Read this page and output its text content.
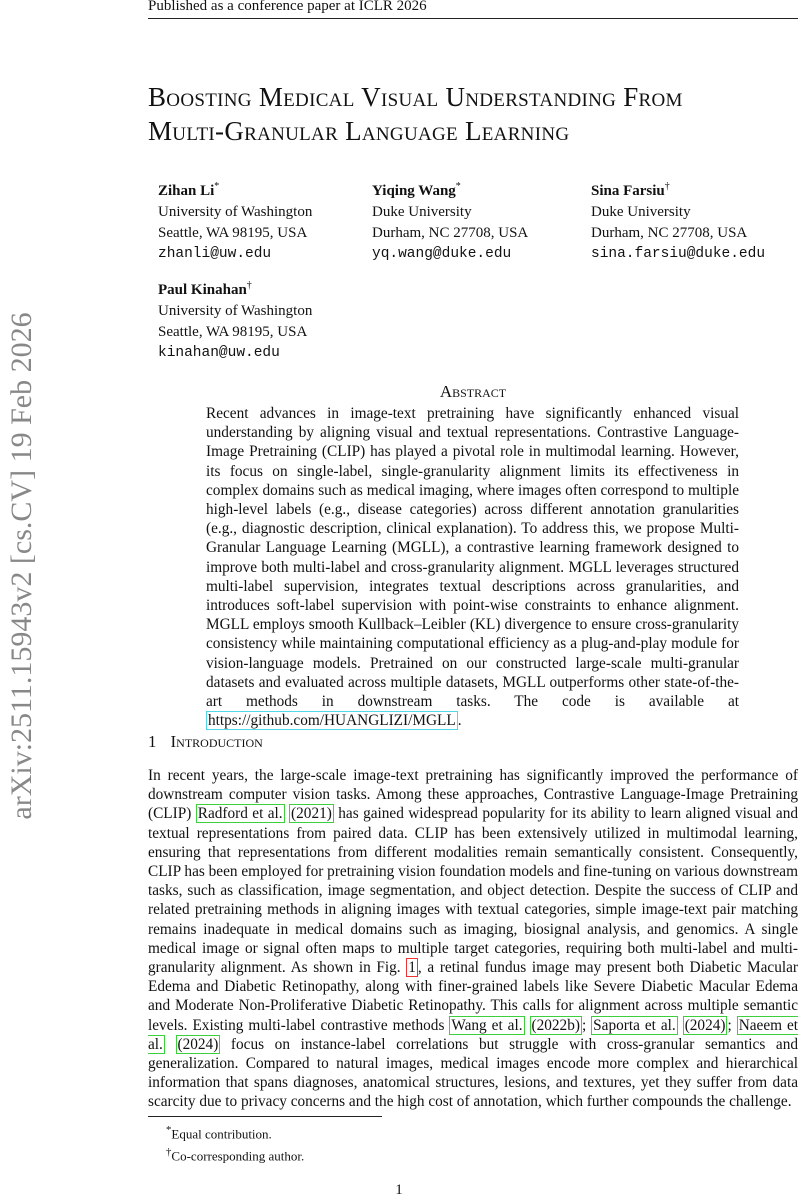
Published as a conference paper at ICLR 2026
Boosting Medical Visual Understanding From
Multi-Granular Language Learning
Zihan Li*
University of Washington
Seattle, WA 98195, USA
zhanli@uw.edu
Yiqing Wang*
Duke University
Durham, NC 27708, USA
yq.wang@duke.edu
Sina Farsiu†
Duke University
Durham, NC 27708, USA
sina.farsiu@duke.edu
Paul Kinahan†
University of Washington
Seattle, WA 98195, USA
kinahan@uw.edu
arXiv:2511.15943v2 [cs.CV] 19 Feb 2026	Abstract
Recent advances in image-text pretraining have significantly enhanced visual understanding by aligning visual and textual representations. Contrastive Language-Image Pretraining (CLIP) has played a pivotal role in multimodal learning. However, its focus on single-label, single-granularity alignment limits its effectiveness in complex domains such as medical imaging, where images often correspond to multiple high-level labels (e.g., disease categories) across different annotation granularities (e.g., diagnostic description, clinical explanation). To address this, we propose Multi-Granular Language Learning (MGLL), a contrastive learning framework designed to improve both multi-label and cross-granularity alignment. MGLL leverages structured multi-label supervision, integrates textual descriptions across granularities, and introduces soft-label supervision with point-wise constraints to enhance alignment. MGLL employs smooth Kullback–Leibler (KL) divergence to ensure cross-granularity consistency while maintaining computational efficiency as a plug-and-play module for vision-language models. Pretrained on our constructed large-scale multi-granular datasets and evaluated across multiple datasets, MGLL outperforms other state-of-the-art methods in downstream tasks. The code is available at https://github.com/HUANGLIZI/MGLL .
1 Introduction
In recent years, the large-scale image-text pretraining has significantly improved the performance of downstream computer vision tasks. Among these approaches, Contrastive Language-Image Pretraining (CLIP) Radford et al. (2021) has gained widespread popularity for its ability to learn aligned visual and textual representations from paired data. CLIP has been extensively utilized in multimodal learning, ensuring that representations from different modalities remain semantically consistent. Consequently, CLIP has been employed for pretraining vision foundation models and fine-tuning on various downstream tasks, such as classification, image segmentation, and object detection. Despite the success of CLIP and related pretraining methods in aligning images with textual categories, simple image-text pair matching remains inadequate in medical domains such as imaging, biosignal analysis, and genomics. A single medical image or signal often maps to multiple target categories, requiring both multi-label and multi-granularity alignment. As shown in Fig. 1 , a retinal fundus image may present both Diabetic Macular Edema and Diabetic Retinopathy, along with finer-grained labels like Severe Diabetic Macular Edema and Moderate Non-Proliferative Diabetic Retinopathy. This calls for alignment across multiple semantic levels. Existing multi-label contrastive methods Wang et al. (2022b) ; Saporta et al. (2024) ; Naeem et al. (2024) focus on instance-label correlations but struggle with cross-granular semantics and generalization. Compared to natural images, medical images encode more complex and hierarchical information that spans diagnoses, anatomical structures, lesions, and textures, yet they suffer from data scarcity due to privacy concerns and the high cost of annotation, which further compounds the challenge.
*Equal contribution.
†Co-corresponding author.
1
